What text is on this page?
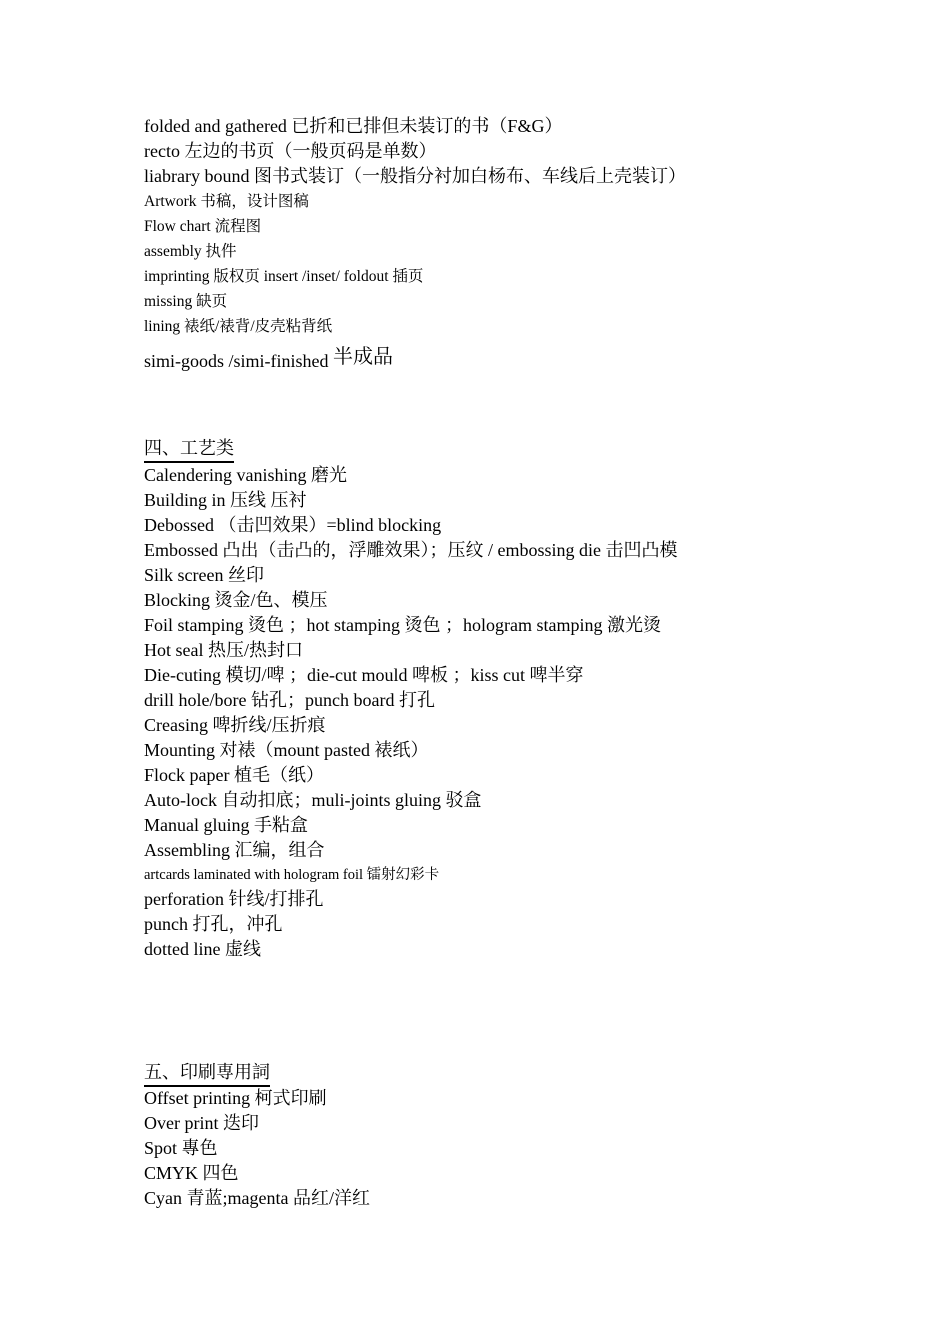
folded and gathered 已折和已排但未装订的书（F&G）
recto 左边的书页（一般页码是单数）
liabrary bound 图书式装订（一般指分衬加白杨布、车线后上壳装订）
Artwork 书稿，设计图稿
Flow chart 流程图
assembly 执件
imprinting 版权页 insert /inset/ foldout 插页
missing 缺页
lining 裱纸/裱背/皮壳粘背纸
simi-goods /simi-finished 半成品
四、工艺类
Calendering vanishing 磨光
Building in 压线 压衬
Debossed （击凹效果）=blind blocking
Embossed 凸出（击凸的，浮雕效果）；压纹 / embossing die 击凹凸模
Silk screen 丝印
Blocking 烫金/色、模压
Foil stamping 烫色 ；hot stamping 烫色 ；hologram stamping 激光烫
Hot seal 热压/热封口
Die-cuting 模切/啤 ；die-cut mould 啤板 ；kiss cut 啤半穿
drill hole/bore 钻孔；punch board 打孔
Creasing 啤折线/压折痕
Mounting 对裱（mount pasted 裱纸）
Flock paper 植毛（纸）
Auto-lock 自动扣底；muli-joints gluing 驳盒
Manual gluing 手粘盒
Assembling 汇编，组合
artcards laminated with hologram foil 镭射幻彩卡
perforation 针线/打排孔
punch 打孔，冲孔
dotted line 虚线
五、印刷専用詞
Offset printing 柯式印刷
Over print 迭印
Spot 專色
CMYK 四色
Cyan 青蓝;magenta 品红/洋红
